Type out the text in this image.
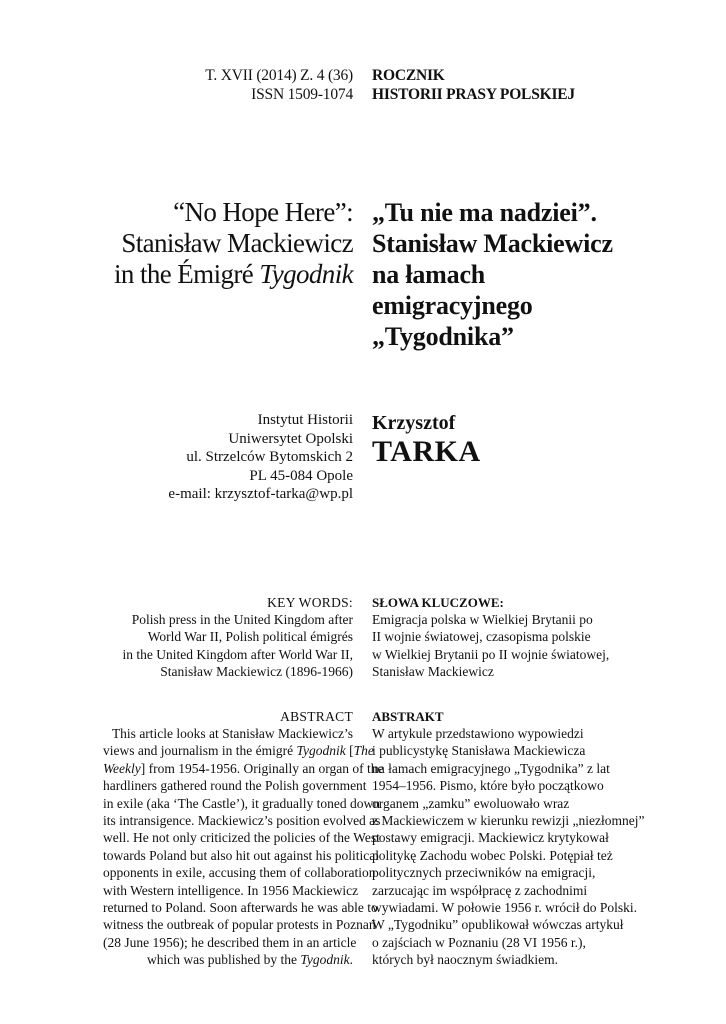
T. XVII (2014) Z. 4 (36)
ISSN 1509-1074
ROCZNIK
HISTORII PRASY POLSKIEJ
“No Hope Here”:
Stanisław Mackiewicz
in the Émigré Tygodnik
„Tu nie ma nadziei”.
Stanisław Mackiewicz
na łamach
emigracyjnego
„Tygodnika”
Instytut Historii
Uniwersytet Opolski
ul. Strzelców Bytomskich 2
PL 45-084 Opole
e-mail: krzysztof-tarka@wp.pl
Krzysztof
TARKA
KEY WORDS:
Polish press in the United Kingdom after
World War II, Polish political émigrés
in the United Kingdom after World War II,
Stanisław Mackiewicz (1896-1966)
SŁOWA KLUCZOWE:
Emigracja polska w Wielkiej Brytanii po
II wojnie światowej, czasopisma polskie
w Wielkiej Brytanii po II wojnie światowej,
Stanisław Mackiewicz
ABSTRACT
This article looks at Stanisław Mackiewicz’s
views and journalism in the émigré Tygodnik [The
Weekly] from 1954-1956. Originally an organ of the
hardliners gathered round the Polish government
in exile (aka ‘The Castle’), it gradually toned down
its intransigence. Mackiewicz’s position evolved as
well. He not only criticized the policies of the West
towards Poland but also hit out against his political
opponents in exile, accusing them of collaboration
with Western intelligence. In 1956 Mackiewicz
returned to Poland. Soon afterwards he was able to
witness the outbreak of popular protests in Poznań
(28 June 1956); he described them in an article
which was published by the Tygodnik.
ABSTRAKT
W artykule przedstawiono wypowiedzi
i publicystykę Stanisława Mackiewicza
na łamach emigracyjnego „Tygodnika” z lat
1954–1956. Pismo, które było początkowo
organem „zamku” ewoluowało wraz
z Mackiewiczem w kierunku rewizji „niezłomnej”
postawy emigracji. Mackiewicz krytykował
politykę Zachodu wobec Polski. Potępiał też
politycznych przeciwników na emigracji,
zarzucając im współpracę z zachodnimi
wywiadami. W połowie 1956 r. wrócił do Polski.
W „Tygodniku” opublikował wówczas artykuł
o zajściach w Poznaniu (28 VI 1956 r.),
których był naocznym świadkiem.
